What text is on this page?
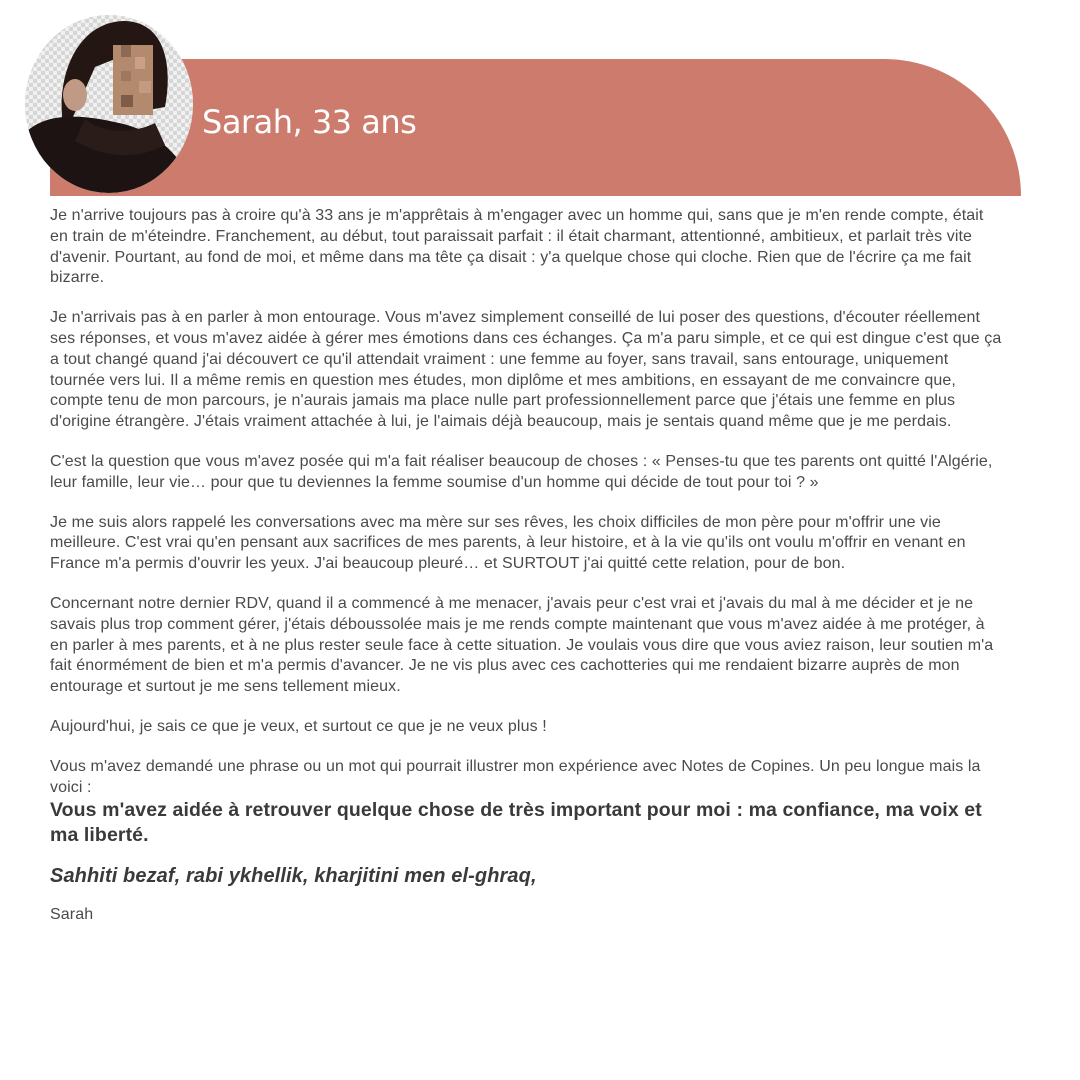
Sarah, 33 ans

Je n'arrive toujours pas à croire qu'à 33 ans je m'apprêtais à m'engager avec un homme qui, sans que je m'en rende compte, était en train de m'éteindre. Franchement, au début, tout paraissait parfait : il était charmant, attentionné, ambitieux, et parlait très vite d'avenir. Pourtant, au fond de moi, et même dans ma tête ça disait : y'a quelque chose qui cloche. Rien que de l'écrire ça me fait bizarre.

Je n'arrivais pas à en parler à mon entourage. Vous m'avez simplement conseillé de lui poser des questions, d'écouter réellement ses réponses, et vous m'avez aidée à gérer mes émotions dans ces échanges. Ça m'a paru simple, et ce qui est dingue c'est que ça a tout changé quand j'ai découvert ce qu'il attendait vraiment : une femme au foyer, sans travail, sans entourage, uniquement tournée vers lui. Il a même remis en question mes études, mon diplôme et mes ambitions, en essayant de me convaincre que, compte tenu de mon parcours, je n'aurais jamais ma place nulle part professionnellement parce que j'étais une femme en plus d'origine étrangère. J'étais vraiment attachée à lui, je l'aimais déjà beaucoup, mais je sentais quand même que je me perdais.

C'est la question que vous m'avez posée qui m'a fait réaliser beaucoup de choses : « Penses-tu que tes parents ont quitté l'Algérie, leur famille, leur vie… pour que tu deviennes la femme soumise d'un homme qui décide de tout pour toi ? »

Je me suis alors rappelé les conversations avec ma mère sur ses rêves, les choix difficiles de mon père pour m'offrir une vie meilleure. C'est vrai qu'en pensant aux sacrifices de mes parents, à leur histoire, et à la vie qu'ils ont voulu m'offrir en venant en France m'a permis d'ouvrir les yeux. J'ai beaucoup pleuré… et SURTOUT j'ai quitté cette relation, pour de bon.

Concernant notre dernier RDV, quand il a commencé à me menacer, j'avais peur c'est vrai et j'avais du mal à me décider et je ne savais plus trop comment gérer, j'étais déboussolée mais je me rends compte maintenant que vous m'avez aidée à me protéger, à en parler à mes parents, et à ne plus rester seule face à cette situation. Je voulais vous dire que vous aviez raison, leur soutien m'a fait énormément de bien et m'a permis d'avancer. Je ne vis plus avec ces cachotteries qui me rendaient bizarre auprès de mon entourage et surtout je me sens tellement mieux.

Aujourd'hui, je sais ce que je veux, et surtout ce que je ne veux plus !

Vous m'avez demandé une phrase ou un mot qui pourrait illustrer mon expérience avec Notes de Copines. Un peu longue mais la voici :

Vous m'avez aidée à retrouver quelque chose de très important pour moi : ma confiance, ma voix et ma liberté.
Sahhiti bezaf, rabi ykhellik, kharjitini men el-ghraq,
Sarah
